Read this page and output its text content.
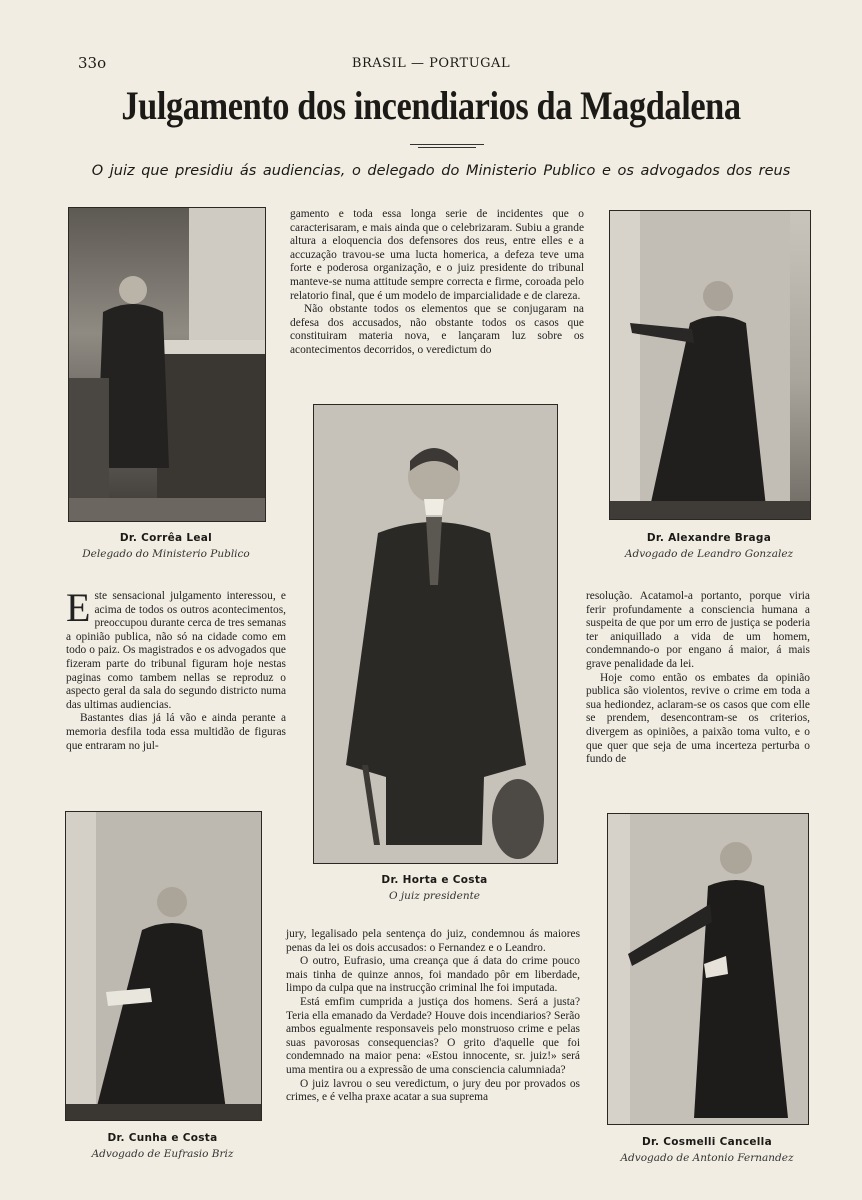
33o	BRASIL — PORTUGAL
Julgamento dos incendiarios da Magdalena
O juiz que presidiu ás audiencias, o delegado do Ministerio Publico e os advogados dos reus
Dr. Corrêa Leal
Delegado do Ministerio Publico
Dr. Alexandre Braga
Advogado de Leandro Gonzalez
Dr. Horta e Costa
O juiz presidente
Dr. Cunha e Costa
Advogado de Eufrasio Briz
Dr. Cosmelli Cancella
Advogado de Antonio Fernandez

gamento e toda essa longa serie de incidentes que o caracterisaram, e mais ainda que o celebrizaram. Subiu a grande altura a eloquencia dos defensores dos reus, entre elles e a accuzação travou-se uma lucta homerica, a defeza teve uma forte e poderosa organização, e o juiz presidente do tribunal manteve-se numa attitude sempre correcta e firme, coroada pelo relatorio final, que é um modelo de imparcialidade e de clareza.

Não obstante todos os elementos que se conjugaram na defesa dos accusados, não obstante todos os casos que constituiram materia nova, e lançaram luz sobre os acontecimentos decorridos, o veredictum do

Este sensacional julgamento interessou, e acima de todos os outros acontecimentos, preoccupou durante cerca de tres semanas a opinião publica, não só na cidade como em todo o paiz. Os magistrados e os advogados que fizeram parte do tribunal figuram hoje nestas paginas como tambem nellas se reproduz o aspecto geral da sala do segundo districto numa das ultimas audiencias.

Bastantes dias já lá vão e ainda perante a memoria desfila toda essa multidão de figuras que entraram no jul-

resolução. Acatamol-a portanto, porque viria ferir profundamente a consciencia humana a suspeita de que por um erro de justiça se poderia ter aniquillado a vida de um homem, condemnando-o por engano á maior, á mais grave penalidade da lei.

Hoje como então os embates da opinião publica são violentos, revive o crime em toda a sua hediondez, aclaram-se os casos que com elle se prendem, desencontram-se os criterios, divergem as opiniões, a paixão toma vulto, e o que quer que seja de uma incerteza perturba o fundo de

jury, legalisado pela sentença do juiz, condemnou ás maiores penas da lei os dois accusados: o Fernandez e o Leandro.

O outro, Eufrasio, uma creança que á data do crime pouco mais tinha de quinze annos, foi mandado pôr em liberdade, limpo da culpa que na instrucção criminal lhe foi imputada.

Está emfim cumprida a justiça dos homens. Será a justa? Teria ella emanado da Verdade? Houve dois incendiarios? Serão ambos egualmente responsaveis pelo monstruoso crime e pelas suas pavorosas consequencias? O grito d'aquelle que foi condemnado na maior pena: «Estou innocente, sr. juiz!» será uma mentira ou a expressão de uma consciencia calumniada?

O juiz lavrou o seu veredictum, o jury deu por provados os crimes, e é velha praxe acatar a sua suprema
